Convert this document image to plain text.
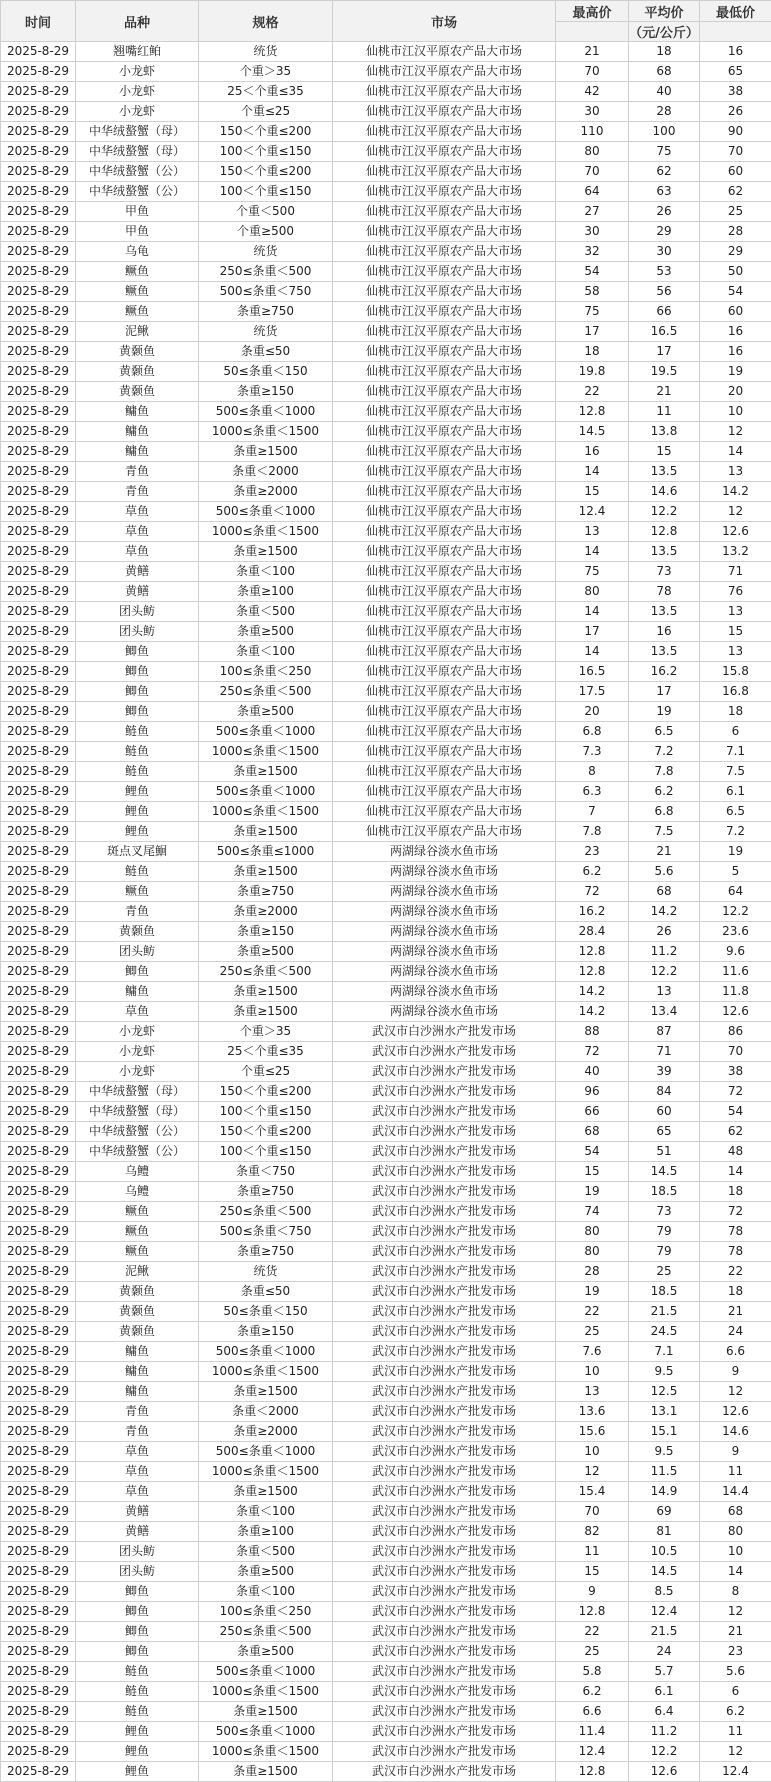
时间	品种	规格	市场	最高价	平均价	最低价
					（元/公斤）	
2025-8-29	翘嘴红鲌	统货	仙桃市江汉平原农产品大市场	21	18	16
2025-8-29	小龙虾	个重＞35	仙桃市江汉平原农产品大市场	70	68	65
2025-8-29	小龙虾	25＜个重≤35	仙桃市江汉平原农产品大市场	42	40	38
2025-8-29	小龙虾	个重≤25	仙桃市江汉平原农产品大市场	30	28	26
2025-8-29	中华绒螯蟹（母）	150＜个重≤200	仙桃市江汉平原农产品大市场	110	100	90
2025-8-29	中华绒螯蟹（母）	100＜个重≤150	仙桃市江汉平原农产品大市场	80	75	70
2025-8-29	中华绒螯蟹（公）	150＜个重≤200	仙桃市江汉平原农产品大市场	70	62	60
2025-8-29	中华绒螯蟹（公）	100＜个重≤150	仙桃市江汉平原农产品大市场	64	63	62
2025-8-29	甲鱼	个重＜500	仙桃市江汉平原农产品大市场	27	26	25
2025-8-29	甲鱼	个重≥500	仙桃市江汉平原农产品大市场	30	29	28
2025-8-29	乌龟	统货	仙桃市江汉平原农产品大市场	32	30	29
2025-8-29	鳜鱼	250≤条重＜500	仙桃市江汉平原农产品大市场	54	53	50
2025-8-29	鳜鱼	500≤条重＜750	仙桃市江汉平原农产品大市场	58	56	54
2025-8-29	鳜鱼	条重≥750	仙桃市江汉平原农产品大市场	75	66	60
2025-8-29	泥鳅	统货	仙桃市江汉平原农产品大市场	17	16.5	16
2025-8-29	黄颡鱼	条重≤50	仙桃市江汉平原农产品大市场	18	17	16
2025-8-29	黄颡鱼	50≤条重＜150	仙桃市江汉平原农产品大市场	19.8	19.5	19
2025-8-29	黄颡鱼	条重≥150	仙桃市江汉平原农产品大市场	22	21	20
2025-8-29	鳙鱼	500≤条重＜1000	仙桃市江汉平原农产品大市场	12.8	11	10
2025-8-29	鳙鱼	1000≤条重＜1500	仙桃市江汉平原农产品大市场	14.5	13.8	12
2025-8-29	鳙鱼	条重≥1500	仙桃市江汉平原农产品大市场	16	15	14
2025-8-29	青鱼	条重＜2000	仙桃市江汉平原农产品大市场	14	13.5	13
2025-8-29	青鱼	条重≥2000	仙桃市江汉平原农产品大市场	15	14.6	14.2
2025-8-29	草鱼	500≤条重＜1000	仙桃市江汉平原农产品大市场	12.4	12.2	12
2025-8-29	草鱼	1000≤条重＜1500	仙桃市江汉平原农产品大市场	13	12.8	12.6
2025-8-29	草鱼	条重≥1500	仙桃市江汉平原农产品大市场	14	13.5	13.2
2025-8-29	黄鳝	条重＜100	仙桃市江汉平原农产品大市场	75	73	71
2025-8-29	黄鳝	条重≥100	仙桃市江汉平原农产品大市场	80	78	76
2025-8-29	团头鲂	条重＜500	仙桃市江汉平原农产品大市场	14	13.5	13
2025-8-29	团头鲂	条重≥500	仙桃市江汉平原农产品大市场	17	16	15
2025-8-29	鲫鱼	条重＜100	仙桃市江汉平原农产品大市场	14	13.5	13
2025-8-29	鲫鱼	100≤条重＜250	仙桃市江汉平原农产品大市场	16.5	16.2	15.8
2025-8-29	鲫鱼	250≤条重＜500	仙桃市江汉平原农产品大市场	17.5	17	16.8
2025-8-29	鲫鱼	条重≥500	仙桃市江汉平原农产品大市场	20	19	18
2025-8-29	鲢鱼	500≤条重＜1000	仙桃市江汉平原农产品大市场	6.8	6.5	6
2025-8-29	鲢鱼	1000≤条重＜1500	仙桃市江汉平原农产品大市场	7.3	7.2	7.1
2025-8-29	鲢鱼	条重≥1500	仙桃市江汉平原农产品大市场	8	7.8	7.5
2025-8-29	鲤鱼	500≤条重＜1000	仙桃市江汉平原农产品大市场	6.3	6.2	6.1
2025-8-29	鲤鱼	1000≤条重＜1500	仙桃市江汉平原农产品大市场	7	6.8	6.5
2025-8-29	鲤鱼	条重≥1500	仙桃市江汉平原农产品大市场	7.8	7.5	7.2
2025-8-29	斑点叉尾鮰	500≤条重≤1000	两湖绿谷淡水鱼市场	23	21	19
2025-8-29	鲢鱼	条重≥1500	两湖绿谷淡水鱼市场	6.2	5.6	5
2025-8-29	鳜鱼	条重≥750	两湖绿谷淡水鱼市场	72	68	64
2025-8-29	青鱼	条重≥2000	两湖绿谷淡水鱼市场	16.2	14.2	12.2
2025-8-29	黄颡鱼	条重≥150	两湖绿谷淡水鱼市场	28.4	26	23.6
2025-8-29	团头鲂	条重≥500	两湖绿谷淡水鱼市场	12.8	11.2	9.6
2025-8-29	鲫鱼	250≤条重＜500	两湖绿谷淡水鱼市场	12.8	12.2	11.6
2025-8-29	鳙鱼	条重≥1500	两湖绿谷淡水鱼市场	14.2	13	11.8
2025-8-29	草鱼	条重≥1500	两湖绿谷淡水鱼市场	14.2	13.4	12.6
2025-8-29	小龙虾	个重＞35	武汉市白沙洲水产批发市场	88	87	86
2025-8-29	小龙虾	25＜个重≤35	武汉市白沙洲水产批发市场	72	71	70
2025-8-29	小龙虾	个重≤25	武汉市白沙洲水产批发市场	40	39	38
2025-8-29	中华绒螯蟹（母）	150＜个重≤200	武汉市白沙洲水产批发市场	96	84	72
2025-8-29	中华绒螯蟹（母）	100＜个重≤150	武汉市白沙洲水产批发市场	66	60	54
2025-8-29	中华绒螯蟹（公）	150＜个重≤200	武汉市白沙洲水产批发市场	68	65	62
2025-8-29	中华绒螯蟹（公）	100＜个重≤150	武汉市白沙洲水产批发市场	54	51	48
2025-8-29	乌鳢	条重＜750	武汉市白沙洲水产批发市场	15	14.5	14
2025-8-29	乌鳢	条重≥750	武汉市白沙洲水产批发市场	19	18.5	18
2025-8-29	鳜鱼	250≤条重＜500	武汉市白沙洲水产批发市场	74	73	72
2025-8-29	鳜鱼	500≤条重＜750	武汉市白沙洲水产批发市场	80	79	78
2025-8-29	鳜鱼	条重≥750	武汉市白沙洲水产批发市场	80	79	78
2025-8-29	泥鳅	统货	武汉市白沙洲水产批发市场	28	25	22
2025-8-29	黄颡鱼	条重≤50	武汉市白沙洲水产批发市场	19	18.5	18
2025-8-29	黄颡鱼	50≤条重＜150	武汉市白沙洲水产批发市场	22	21.5	21
2025-8-29	黄颡鱼	条重≥150	武汉市白沙洲水产批发市场	25	24.5	24
2025-8-29	鳙鱼	500≤条重＜1000	武汉市白沙洲水产批发市场	7.6	7.1	6.6
2025-8-29	鳙鱼	1000≤条重＜1500	武汉市白沙洲水产批发市场	10	9.5	9
2025-8-29	鳙鱼	条重≥1500	武汉市白沙洲水产批发市场	13	12.5	12
2025-8-29	青鱼	条重＜2000	武汉市白沙洲水产批发市场	13.6	13.1	12.6
2025-8-29	青鱼	条重≥2000	武汉市白沙洲水产批发市场	15.6	15.1	14.6
2025-8-29	草鱼	500≤条重＜1000	武汉市白沙洲水产批发市场	10	9.5	9
2025-8-29	草鱼	1000≤条重＜1500	武汉市白沙洲水产批发市场	12	11.5	11
2025-8-29	草鱼	条重≥1500	武汉市白沙洲水产批发市场	15.4	14.9	14.4
2025-8-29	黄鳝	条重＜100	武汉市白沙洲水产批发市场	70	69	68
2025-8-29	黄鳝	条重≥100	武汉市白沙洲水产批发市场	82	81	80
2025-8-29	团头鲂	条重＜500	武汉市白沙洲水产批发市场	11	10.5	10
2025-8-29	团头鲂	条重≥500	武汉市白沙洲水产批发市场	15	14.5	14
2025-8-29	鲫鱼	条重＜100	武汉市白沙洲水产批发市场	9	8.5	8
2025-8-29	鲫鱼	100≤条重＜250	武汉市白沙洲水产批发市场	12.8	12.4	12
2025-8-29	鲫鱼	250≤条重＜500	武汉市白沙洲水产批发市场	22	21.5	21
2025-8-29	鲫鱼	条重≥500	武汉市白沙洲水产批发市场	25	24	23
2025-8-29	鲢鱼	500≤条重＜1000	武汉市白沙洲水产批发市场	5.8	5.7	5.6
2025-8-29	鲢鱼	1000≤条重＜1500	武汉市白沙洲水产批发市场	6.2	6.1	6
2025-8-29	鲢鱼	条重≥1500	武汉市白沙洲水产批发市场	6.6	6.4	6.2
2025-8-29	鲤鱼	500≤条重＜1000	武汉市白沙洲水产批发市场	11.4	11.2	11
2025-8-29	鲤鱼	1000≤条重＜1500	武汉市白沙洲水产批发市场	12.4	12.2	12
2025-8-29	鲤鱼	条重≥1500	武汉市白沙洲水产批发市场	12.8	12.6	12.4
